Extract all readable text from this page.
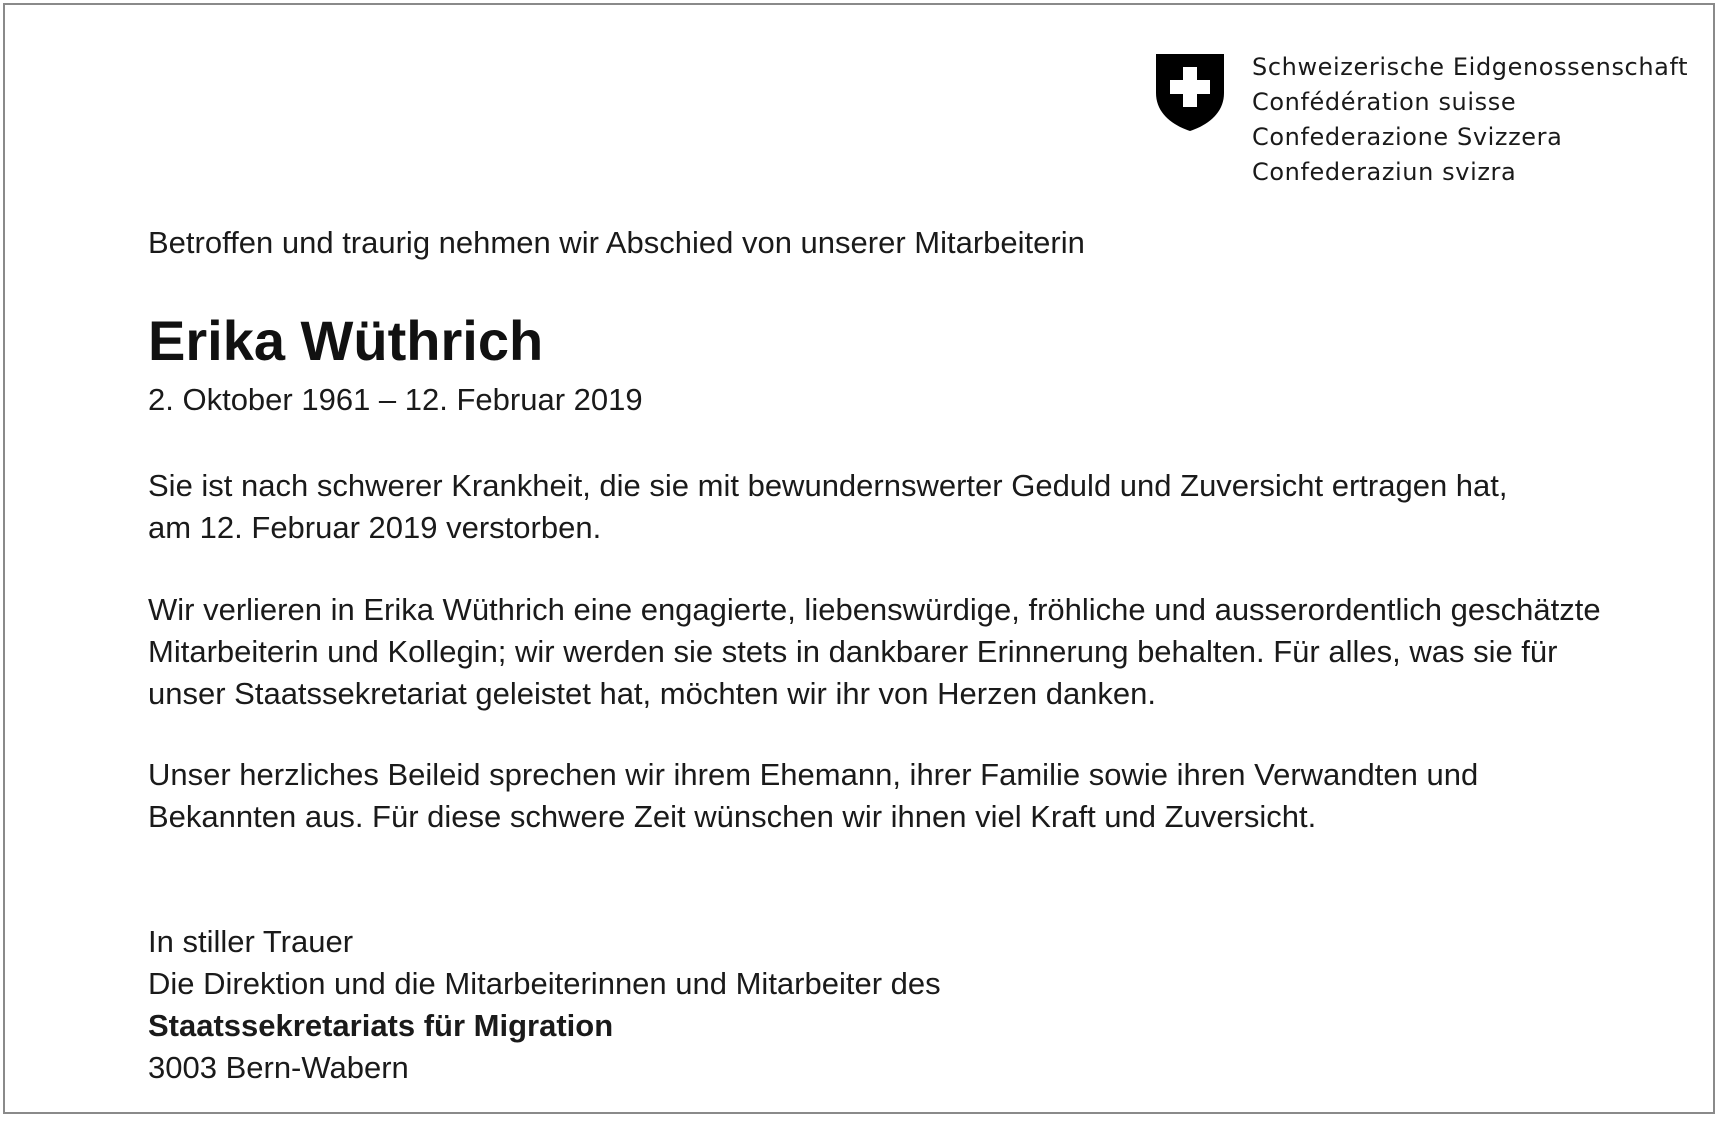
Schweizerische Eidgenossenschaft
Confédération suisse
Confederazione Svizzera
Confederaziun svizra
Betroffen und traurig nehmen wir Abschied von unserer Mitarbeiterin
Erika Wüthrich
2. Oktober 1961 – 12. Februar 2019
Sie ist nach schwerer Krankheit, die sie mit bewundernswerter Geduld und Zuversicht ertragen hat,
am 12. Februar 2019 verstorben.
Wir verlieren in Erika Wüthrich eine engagierte, liebenswürdige, fröhliche und ausserordentlich geschätzte
Mitarbeiterin und Kollegin; wir werden sie stets in dankbarer Erinnerung behalten. Für alles, was sie für
unser Staatssekretariat geleistet hat, möchten wir ihr von Herzen danken.
Unser herzliches Beileid sprechen wir ihrem Ehemann, ihrer Familie sowie ihren Verwandten und
Bekannten aus. Für diese schwere Zeit wünschen wir ihnen viel Kraft und Zuversicht.
In stiller Trauer
Die Direktion und die Mitarbeiterinnen und Mitarbeiter des
Staatssekretariats für Migration
3003 Bern-Wabern
